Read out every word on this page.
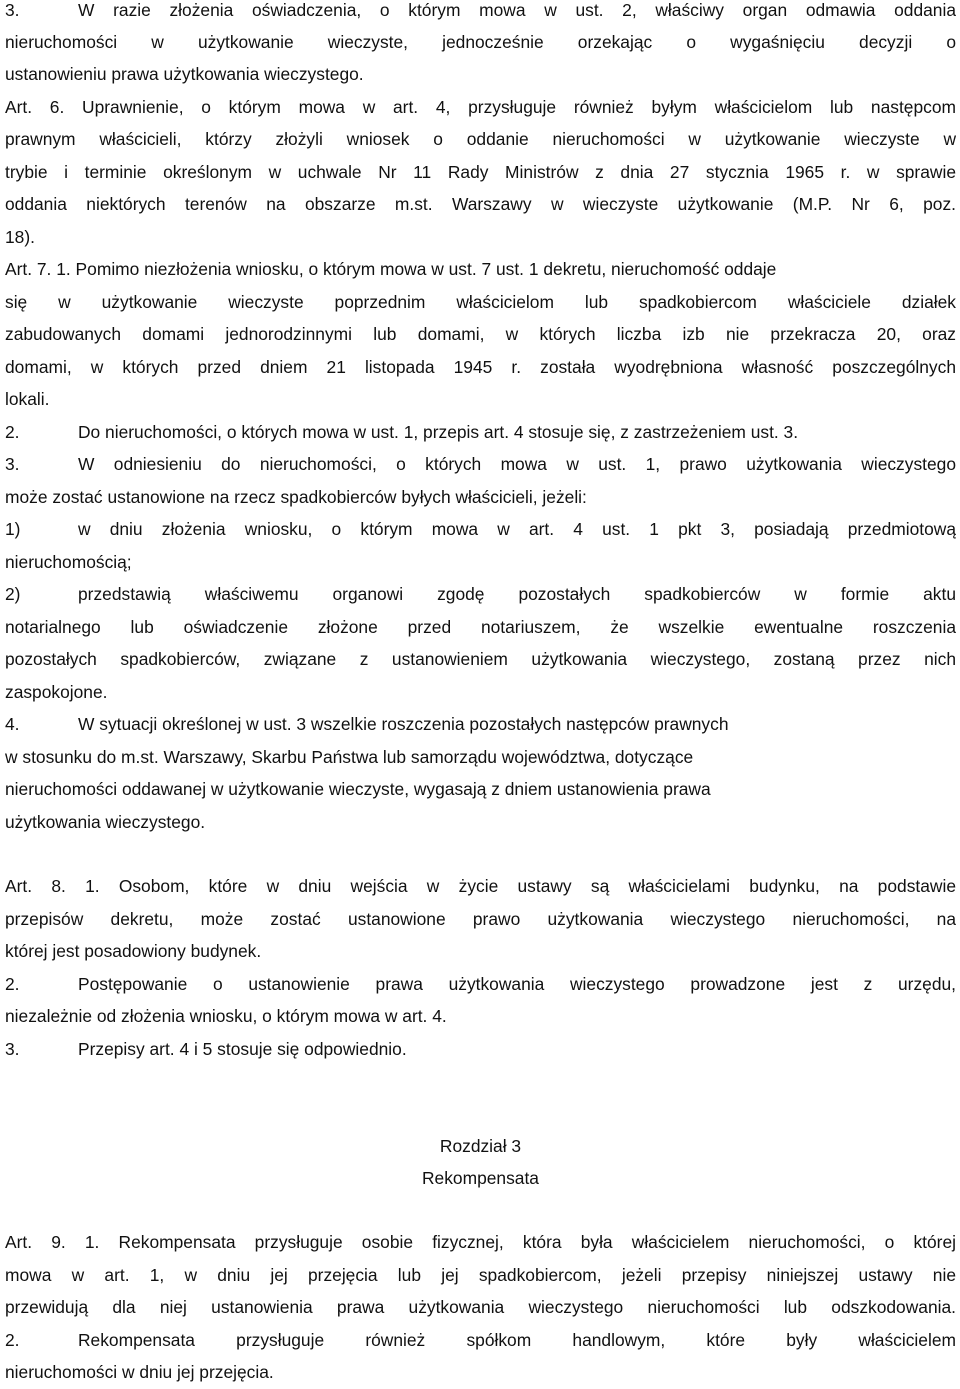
3.	W razie złożenia oświadczenia, o którym mowa w ust. 2, właściwy organ odmawia oddania
nieruchomości w użytkowanie wieczyste, jednocześnie orzekając o wygaśnięciu decyzji o
ustanowieniu prawa użytkowania wieczystego.
Art. 6. Uprawnienie, o którym mowa w art. 4, przysługuje również byłym właścicielom lub następcom
prawnym właścicieli, którzy złożyli wniosek o oddanie nieruchomości w użytkowanie wieczyste w
trybie i terminie określonym w uchwale Nr 11 Rady Ministrów z dnia 27 stycznia 1965 r. w sprawie
oddania niektórych terenów na obszarze m.st. Warszawy w wieczyste użytkowanie (M.P. Nr 6, poz.
18).
Art. 7. 1. Pomimo niezłożenia wniosku, o którym mowa w ust. 7 ust. 1 dekretu, nieruchomość oddaje
się w użytkowanie wieczyste poprzednim właścicielom lub spadkobiercom właściciele działek
zabudowanych domami jednorodzinnymi lub domami, w których liczba izb nie przekracza 20, oraz
domami, w których przed dniem 21 listopada 1945 r. została wyodrębniona własność poszczególnych
lokali.
2.	Do nieruchomości, o których mowa w ust. 1, przepis art. 4 stosuje się, z zastrzeżeniem ust. 3.
3.	W odniesieniu do nieruchomości, o których mowa w ust. 1, prawo użytkowania wieczystego
może zostać ustanowione na rzecz spadkobierców byłych właścicieli, jeżeli:
1)	w dniu złożenia wniosku, o którym mowa w art. 4 ust. 1 pkt 3, posiadają przedmiotową
nieruchomością;
2)	przedstawią właściwemu organowi zgodę pozostałych spadkobierców w formie aktu
notarialnego lub oświadczenie złożone przed notariuszem, że wszelkie ewentualne roszczenia
pozostałych spadkobierców, związane z ustanowieniem użytkowania wieczystego, zostaną przez nich
zaspokojone.
4.	W sytuacji określonej w ust. 3 wszelkie roszczenia pozostałych następców prawnych
w stosunku do m.st. Warszawy, Skarbu Państwa lub samorządu województwa, dotyczące
nieruchomości oddawanej w użytkowanie wieczyste, wygasają z dniem ustanowienia prawa
użytkowania wieczystego.
Art. 8. 1. Osobom, które w dniu wejścia w życie ustawy są właścicielami budynku, na podstawie
przepisów dekretu, może zostać ustanowione prawo użytkowania wieczystego nieruchomości, na
której jest posadowiony budynek.
2.	Postępowanie o ustanowienie prawa użytkowania wieczystego prowadzone jest z urzędu,
niezależnie od złożenia wniosku, o którym mowa w art. 4.
3.	Przepisy art. 4 i 5 stosuje się odpowiednio.
Rozdział 3
Rekompensata
Art. 9. 1. Rekompensata przysługuje osobie fizycznej, która była właścicielem nieruchomości, o której
mowa w art. 1, w dniu jej przejęcia lub jej spadkobiercom, jeżeli przepisy niniejszej ustawy nie
przewidują dla niej ustanowienia prawa użytkowania wieczystego nieruchomości lub odszkodowania.
2.	Rekompensata przysługuje również spółkom handlowym, które były właścicielem
nieruchomości w dniu jej przejęcia.
